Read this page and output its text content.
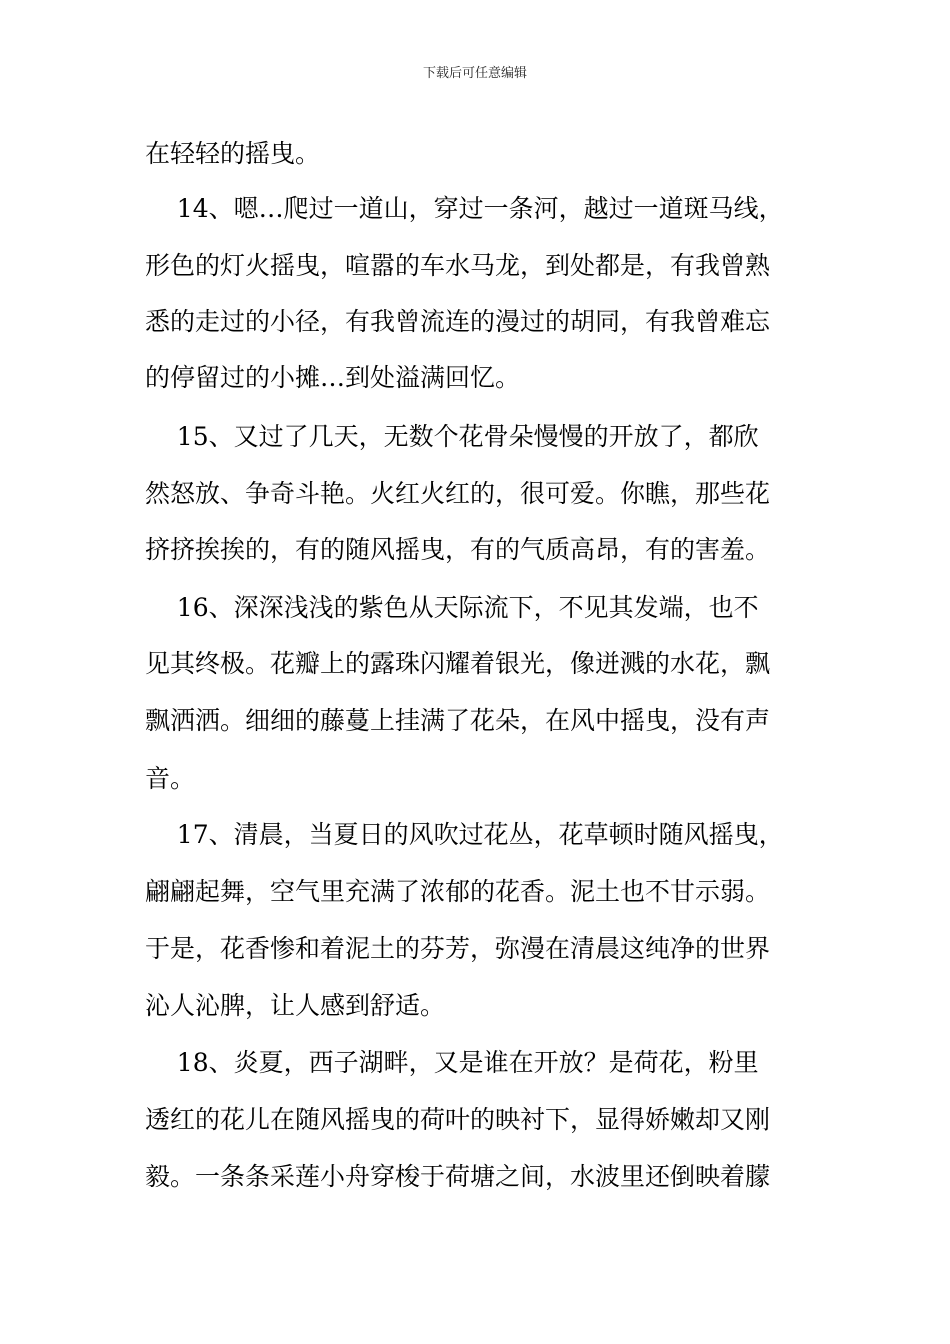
下载后可任意编辑

在轻轻的摇曳。

14、嗯…爬过一道山，穿过一条河，越过一道斑马线，

形色的灯火摇曳，喧嚣的车水马龙，到处都是，有我曾熟

悉的走过的小径，有我曾流连的漫过的胡同，有我曾难忘

的停留过的小摊…到处溢满回忆。

15、又过了几天，无数个花骨朵慢慢的开放了，都欣

然怒放、争奇斗艳。火红火红的，很可爱。你瞧，那些花

挤挤挨挨的，有的随风摇曳，有的气质高昂，有的害羞。

16、深深浅浅的紫色从天际流下，不见其发端，也不

见其终极。花瓣上的露珠闪耀着银光，像迸溅的水花，飘

飘洒洒。细细的藤蔓上挂满了花朵，在风中摇曳，没有声

音。

17、清晨，当夏日的风吹过花丛，花草顿时随风摇曳，

翩翩起舞，空气里充满了浓郁的花香。泥土也不甘示弱。

于是，花香惨和着泥土的芬芳，弥漫在清晨这纯净的世界

沁人沁脾，让人感到舒适。

18、炎夏，西子湖畔，又是谁在开放？是荷花，粉里

透红的花儿在随风摇曳的荷叶的映衬下，显得娇嫩却又刚

毅。一条条采莲小舟穿梭于荷塘之间，水波里还倒映着朦
